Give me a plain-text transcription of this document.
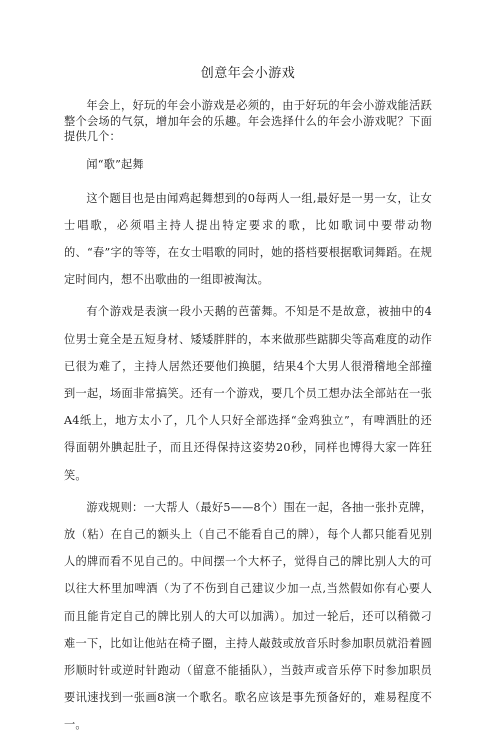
创意年会小游戏

年会上，好玩的年会小游戏是必须的，由于好玩的年会小游戏能活跃整个会场的气氛，增加年会的乐趣。年会选择什么的年会小游戏呢？下面提供几个：

闻“歌”起舞

这个题目也是由闻鸡起舞想到的0每两人一组,最好是一男一女，让女士唱歌，必须唱主持人提出特定要求的歌，比如歌词中要带动物的、“春”字的等等，在女士唱歌的同时，她的搭档要根据歌词舞蹈。在规定时间内，想不出歌曲的一组即被淘汰。

有个游戏是表演一段小天鹅的芭蕾舞。不知是不是故意，被抽中的4位男士竟全是五短身材、矮矮胖胖的，本来做那些踮脚尖等高难度的动作已很为难了，主持人居然还要他们换腿，结果4个大男人很滑稽地全部撞到一起，场面非常搞笑。还有一个游戏，要几个员工想办法全部站在一张A4纸上，地方太小了，几个人只好全部选择“金鸡独立”，有啤酒肚的还得面朝外腆起肚子，而且还得保持这姿势20秒，同样也博得大家一阵狂笑。

游戏规则：一大帮人（最好5——8个）围在一起，各抽一张扑克牌，放（粘）在自己的额头上（自己不能看自己的牌），每个人都只能看见别人的牌而看不见自己的。中间摆一个大杯子，觉得自己的牌比别人大的可以往大杯里加啤酒（为了不伤到自己建议少加一点,当然假如你有心要人而且能肯定自己的牌比别人的大可以加满）。加过一轮后，还可以稍微刁难一下，比如让他站在椅子圈，主持人敲鼓或放音乐时参加职员就沿着圆形顺时针或逆时针跑动（留意不能插队），当鼓声或音乐停下时参加职员要讯速找到一张画8演一个歌名。歌名应该是事先预备好的，难易程度不一。
